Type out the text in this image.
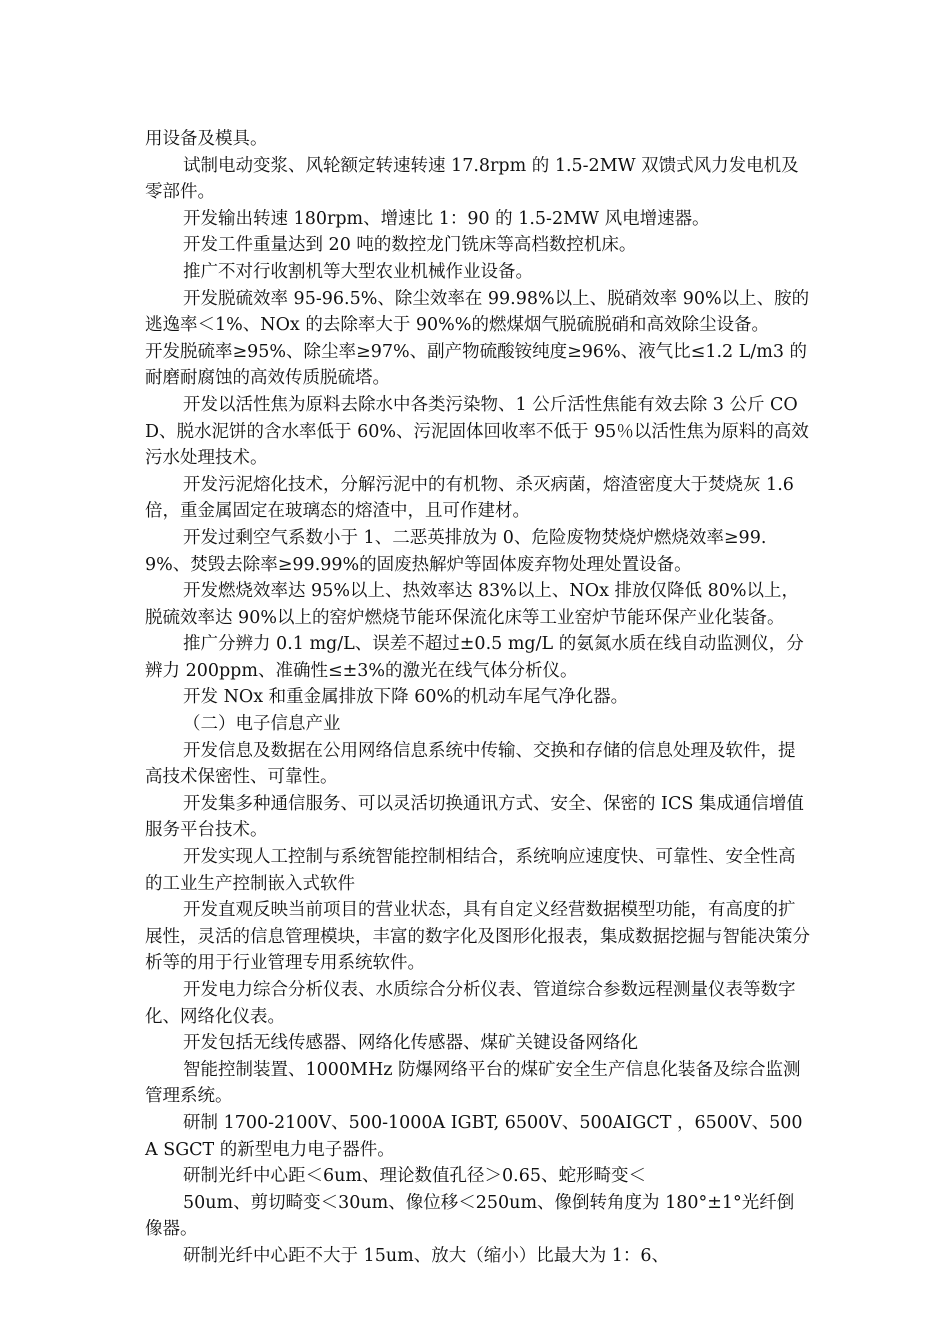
用设备及模具。

试制电动变浆、风轮额定转速转速 17.8rpm 的 1.5-2MW 双馈式风力发电机及零部件。

开发输出转速 180rpm、增速比 1：90 的 1.5-2MW 风电增速器。

开发工件重量达到 20 吨的数控龙门铣床等高档数控机床。

推广不对行收割机等大型农业机械作业设备。

开发脱硫效率 95-96.5%、除尘效率在 99.98%以上、脱硝效率 90%以上、胺的逃逸率＜1%、NOx 的去除率大于 90%%的燃煤烟气脱硫脱硝和高效除尘设备。

开发脱硫率≥95%、除尘率≥97%、副产物硫酸铵纯度≥96%、液气比≤1.2 L/m3 的耐磨耐腐蚀的高效传质脱硫塔。

开发以活性焦为原料去除水中各类污染物、1 公斤活性焦能有效去除 3 公斤 COD、脱水泥饼的含水率低于 60%、污泥固体回收率不低于 95％以活性焦为原料的高效污水处理技术。

开发污泥熔化技术，分解污泥中的有机物、杀灭病菌，熔渣密度大于焚烧灰 1.6 倍，重金属固定在玻璃态的熔渣中，且可作建材。

开发过剩空气系数小于 1、二恶英排放为 0、危险废物焚烧炉燃烧效率≥99.9%、焚毁去除率≥99.99%的固废热解炉等固体废弃物处理处置设备。

开发燃烧效率达 95%以上、热效率达 83%以上、NOx 排放仅降低 80%以上，脱硫效率达 90%以上的窑炉燃烧节能环保流化床等工业窑炉节能环保产业化装备。

推广分辨力 0.1 mg/L、误差不超过±0.5 mg/L 的氨氮水质在线自动监测仪，分辨力 200ppm、准确性≤±3%的激光在线气体分析仪。

开发 NOx 和重金属排放下降 60%的机动车尾气净化器。

（二）电子信息产业

开发信息及数据在公用网络信息系统中传输、交换和存储的信息处理及软件，提高技术保密性、可靠性。

开发集多种通信服务、可以灵活切换通讯方式、安全、保密的 ICS 集成通信增值服务平台技术。

开发实现人工控制与系统智能控制相结合，系统响应速度快、可靠性、安全性高的工业生产控制嵌入式软件

开发直观反映当前项目的营业状态，具有自定义经营数据模型功能，有高度的扩展性，灵活的信息管理模块，丰富的数字化及图形化报表，集成数据挖掘与智能决策分析等的用于行业管理专用系统软件。

开发电力综合分析仪表、水质综合分析仪表、管道综合参数远程测量仪表等数字化、网络化仪表。

开发包括无线传感器、网络化传感器、煤矿关键设备网络化

智能控制装置、1000MHz 防爆网络平台的煤矿安全生产信息化装备及综合监测管理系统。

研制 1700-2100V、500-1000A IGBT, 6500V、500AIGCT ，6500V、500A SGCT 的新型电力电子器件。

研制光纤中心距＜6um、理论数值孔径＞0.65、蛇形畸变＜

50um、剪切畸变＜30um、像位移＜250um、像倒转角度为 180°±1°光纤倒像器。

研制光纤中心距不大于 15um、放大（缩小）比最大为 1：6、
